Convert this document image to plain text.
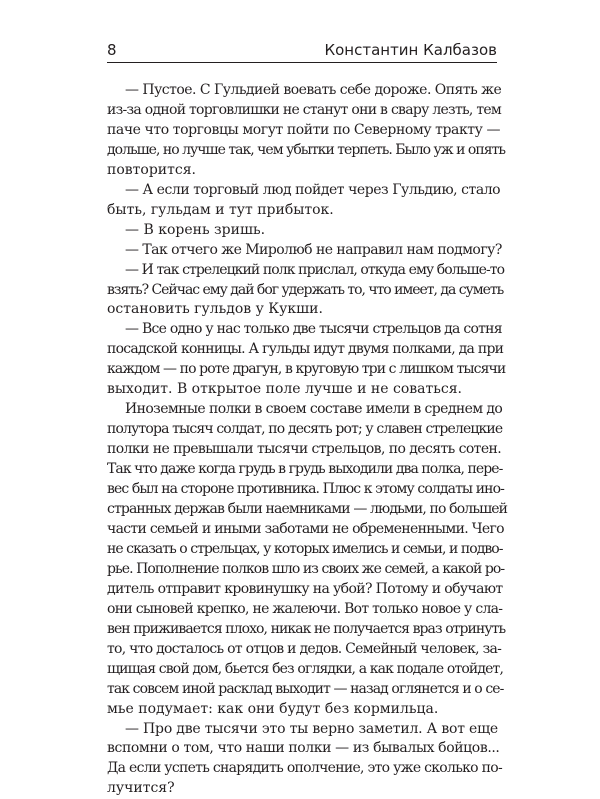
8	Константин Калбазов
— Пустое. С Гульдией воевать себе дороже. Опять же
из-за одной торговлишки не станут они в свару лезть, тем
паче что торговцы могут пойти по Северному тракту —
дольше, но лучше так, чем убытки терпеть. Было уж и опять
повторится.
— А если торговый люд пойдет через Гульдию, стало
быть, гульдам и тут прибыток.
— В корень зришь.
— Так отчего же Миролюб не направил нам подмогу?
— И так стрелецкий полк прислал, откуда ему больше-то
взять? Сейчас ему дай бог удержать то, что имеет, да суметь
остановить гульдов у Кукши.
— Все одно у нас только две тысячи стрельцов да сотня
посадской конницы. А гульды идут двумя полками, да при
каждом — по роте драгун, в круговую три с лишком тысячи
выходит. В открытое поле лучше и не соваться.
Иноземные полки в своем составе имели в среднем до
полутора тысяч солдат, по десять рот; у славен стрелецкие
полки не превышали тысячи стрельцов, по десять сотен.
Так что даже когда грудь в грудь выходили два полка, пере-
вес был на стороне противника. Плюс к этому солдаты ино-
странных держав были наемниками — людьми, по большей
части семьей и иными заботами не обремененными. Чего
не сказать о стрельцах, у которых имелись и семьи, и подво-
рье. Пополнение полков шло из своих же семей, а какой ро-
дитель отправит кровинушку на убой? Потому и обучают
они сыновей крепко, не жалеючи. Вот только новое у сла-
вен приживается плохо, никак не получается враз отринуть
то, что досталось от отцов и дедов. Семейный человек, за-
щищая свой дом, бьется без оглядки, а как подале отойдет,
так совсем иной расклад выходит — назад оглянется и о се-
мье подумает: как они будут без кормильца.
— Про две тысячи это ты верно заметил. А вот еще
вспомни о том, что наши полки — из бывалых бойцов...
Да если успеть снарядить ополчение, это уже сколько по-
лучится?
